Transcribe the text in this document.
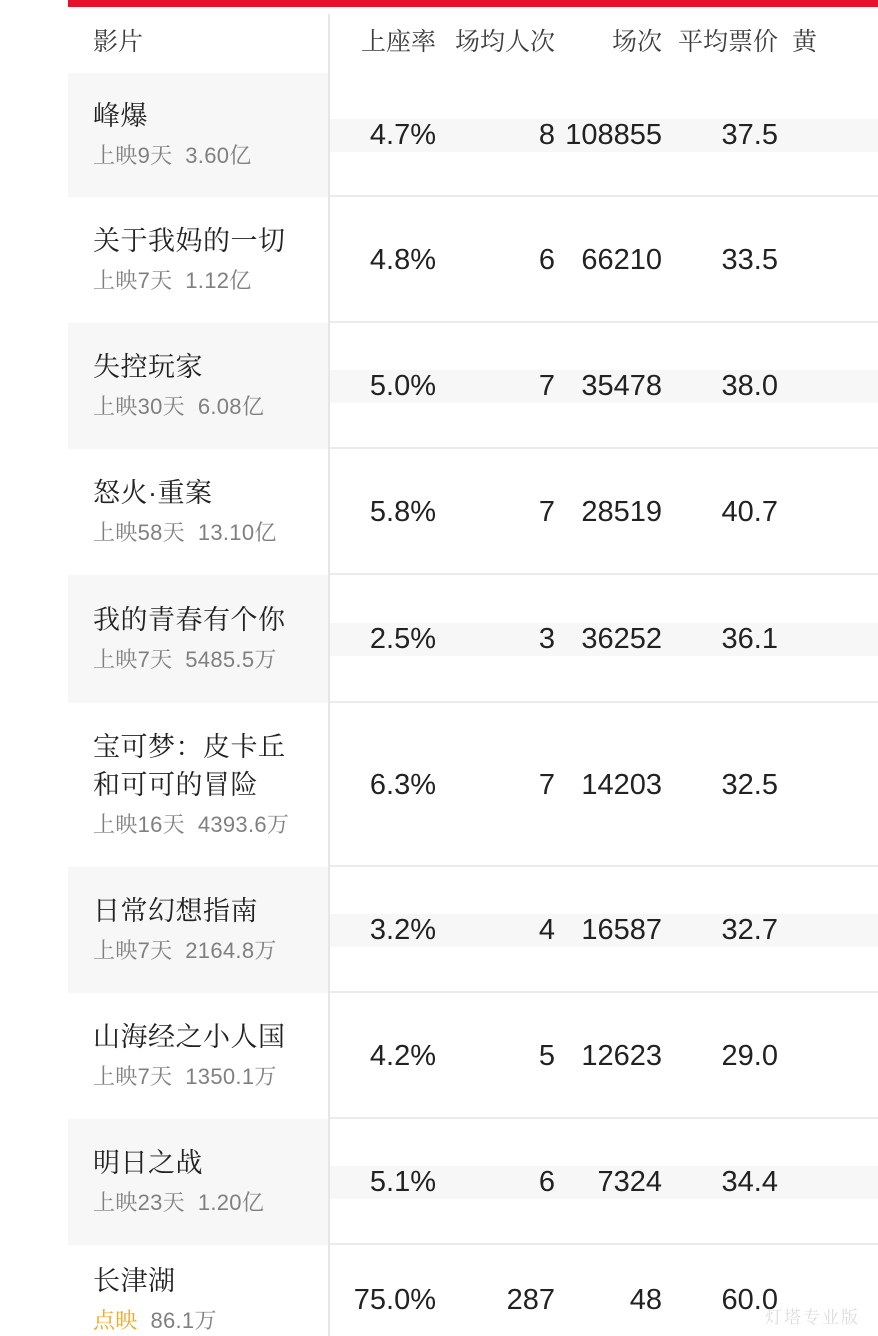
影片	上座率 场均人次	场次 平均票价 黄
峰爆
上映9天 3.60亿
4.7%	8 108855	37.5
关于我妈的一切
上映7天 1.12亿
4.8%	6 66210	33.5
失控玩家
上映30天 6.08亿
5.0%	7 35478	38.0
怒火·重案
上映58天 13.10亿
5.8%	7 28519	40.7
我的青春有个你
上映7天 5485.5万
2.5%	3 36252	36.1
宝可梦：皮卡丘和可可的冒险
上映16天 4393.6万
6.3%	7 14203	32.5
日常幻想指南
上映7天 2164.8万
3.2%	4 16587	32.7
山海经之小人国
上映7天 1350.1万
4.2%	5 12623	29.0
明日之战
上映23天 1.20亿
5.1%	6	7324	34.4
长津湖
点映 86.1万
75.0%	287	48	60.0
灯塔专业版
